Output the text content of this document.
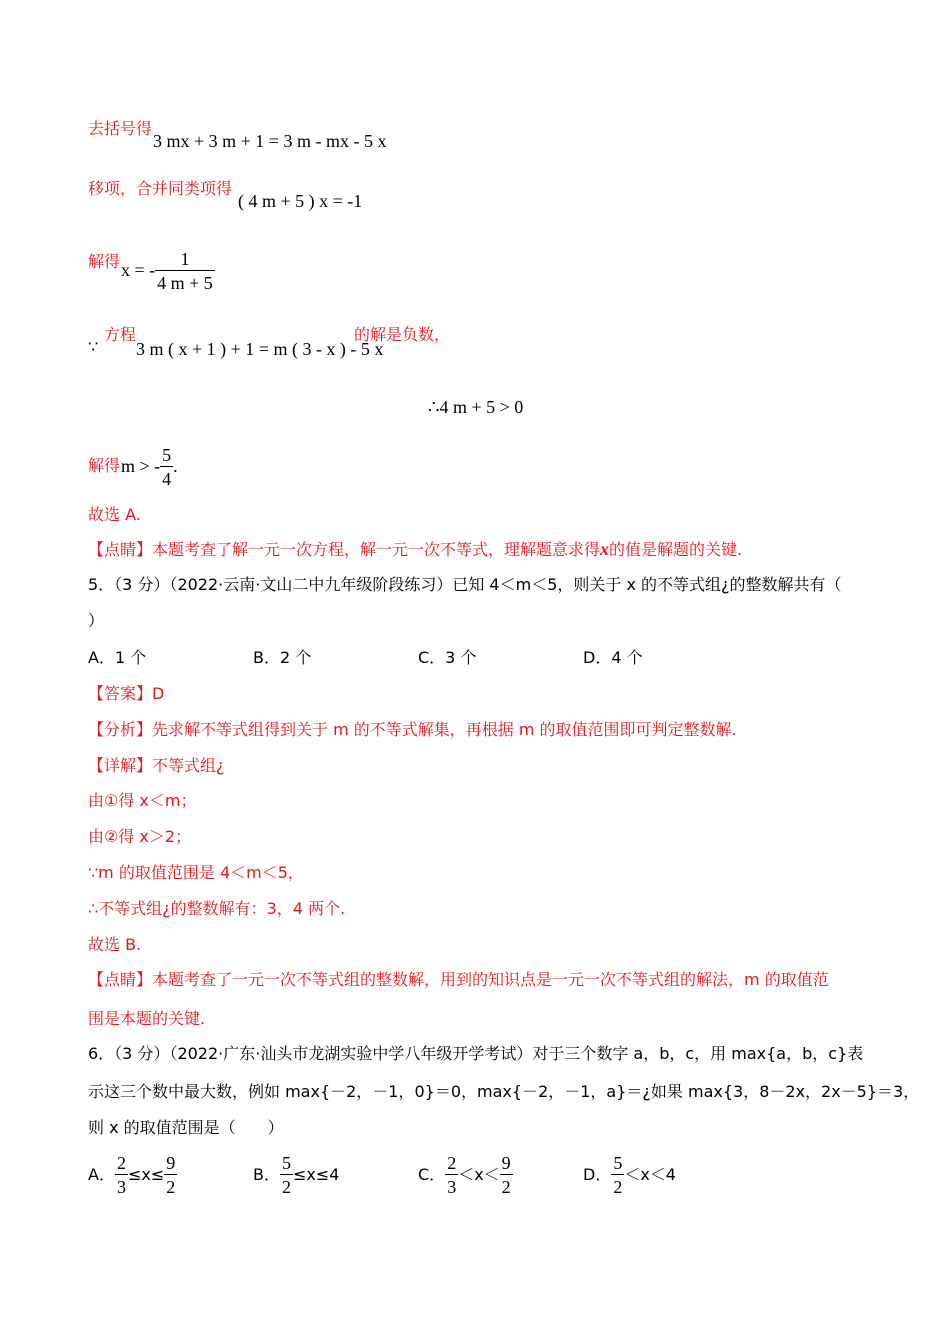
去括号得
3 mx + 3 m + 1 = 3 m - mx - 5 x
移项，合并同类项得
( 4 m + 5 ) x = -1
解得 x = - $\frac{1}{4 m + 5}$
∵
方程
3 m ( x + 1 ) + 1 = m ( 3 - x ) - 5 x
的解是负数，
∴4 m + 5 > 0
解得 m > - $\frac{5}{4}$ .
故选 A.
【点睛】本题考查了解一元一次方程，解一元一次不等式，理解题意求得x的值是解题的关键.
5．（3 分）（2022·云南·文山二中九年级阶段练习）已知 4＜m＜5，则关于 x 的不等式组¿的整数解共有（
）
A．1 个	B．2 个	C．3 个	D．4 个
【答案】D
【分析】先求解不等式组得到关于 m 的不等式解集，再根据 m 的取值范围即可判定整数解.
【详解】不等式组¿
由①得 x＜m；
由②得 x＞2；
∵m 的取值范围是 4＜m＜5，
∴不等式组¿的整数解有：3，4 两个.
故选 B.
【点睛】本题考查了一元一次不等式组的整数解，用到的知识点是一元一次不等式组的解法，m 的取值范
围是本题的关键.
6．（3 分）（2022·广东·汕头市龙湖实验中学八年级开学考试）对于三个数字 a，b，c，用 max{a，b，c}表
示这三个数中最大数，例如 max{－2，－1，0}＝0，max{－2，－1，a}＝¿如果 max{3，8－2x，2x－5}＝3，
则 x 的取值范围是（　　）
A． $\frac{2}{3} \le x\le \frac{9}{2}$	B． $\frac{5}{2} \le x\le 4$	C． $\frac{2}{3} <x< \frac{9}{2}$	D． $\frac{5}{2} <x<4$
